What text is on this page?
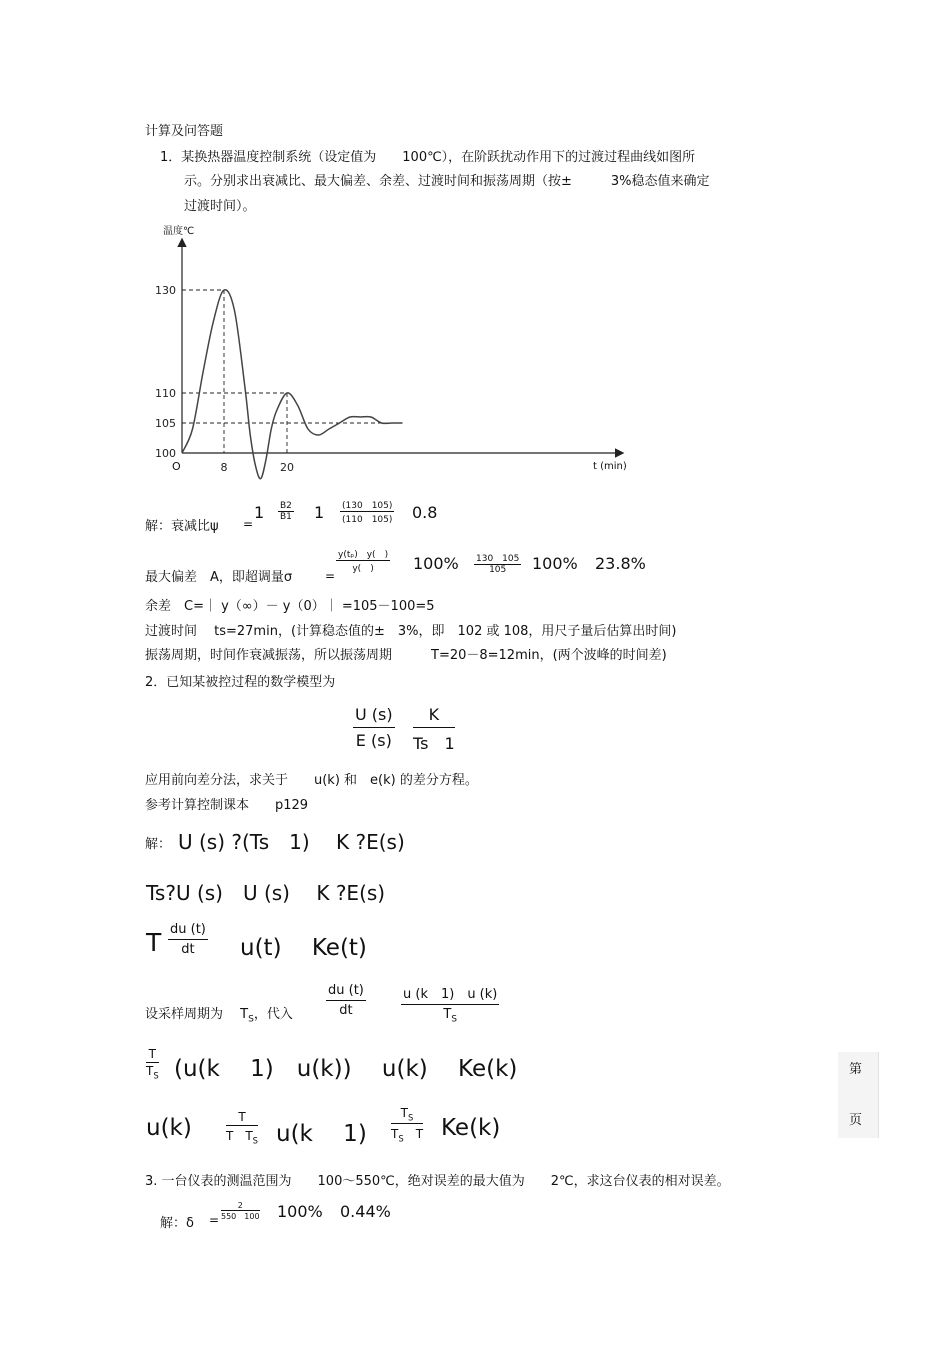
计算及问答题
1．某换热器温度控制系统（设定值为　　100℃），在阶跃扰动作用下的过渡过程曲线如图所
示。分别求出衰减比、最大偏差、余差、过渡时间和振荡周期（按±　　　3%稳态值来确定
过渡时间）。
130
110
105
100
8	20
温度℃
t (min)
O
解：衰减比ψ =
1 B2
B1 1 (130　105)
(110　105) 0.8
最大偏差　A，即超调量σ	=
y(tₚ)　y(　)
y(　) 100% 130　105
105 100% 23.8%
余差　C=｜ y（∞）－ y（0）｜ =105－100=5
过渡时间　 ts=27min，(计算稳态值的±　3%，即　102 或 108，用尺子量后估算出时间)
振荡周期，时间作衰减振荡，所以振荡周期　　　T=20－8=12min，(两个波峰的时间差)
2．已知某被控过程的数学模型为
U (s)
E (s)
K
Ts　1
应用前向差分法，求关于　　u(k) 和　e(k) 的差分方程。
参考计算控制课本　　p129
解： U (s) ?(Ts　1)　 K ?E(s)
Ts?U (s)　U (s)　 K ?E(s)
T du (t)
dt u(t)　 Ke(t)
设采样周期为　 $T_S$，代入
du (t)
dt
u (k　1)　u (k)
$T_S$
T
$T_S$ (u(k　 1)　u(k))　 u(k)　 Ke(k)
u(k)	T
T　$T_S$ u(k　 1)
$T_S$
$T_S$　 T Ke(k)
3. 一台仪表的测温范围为　　100～550℃，绝对误差的最大值为　　2℃，求这台仪表的相对误差。
解：δ =
2
550　100 100% 0.44%
第
页
